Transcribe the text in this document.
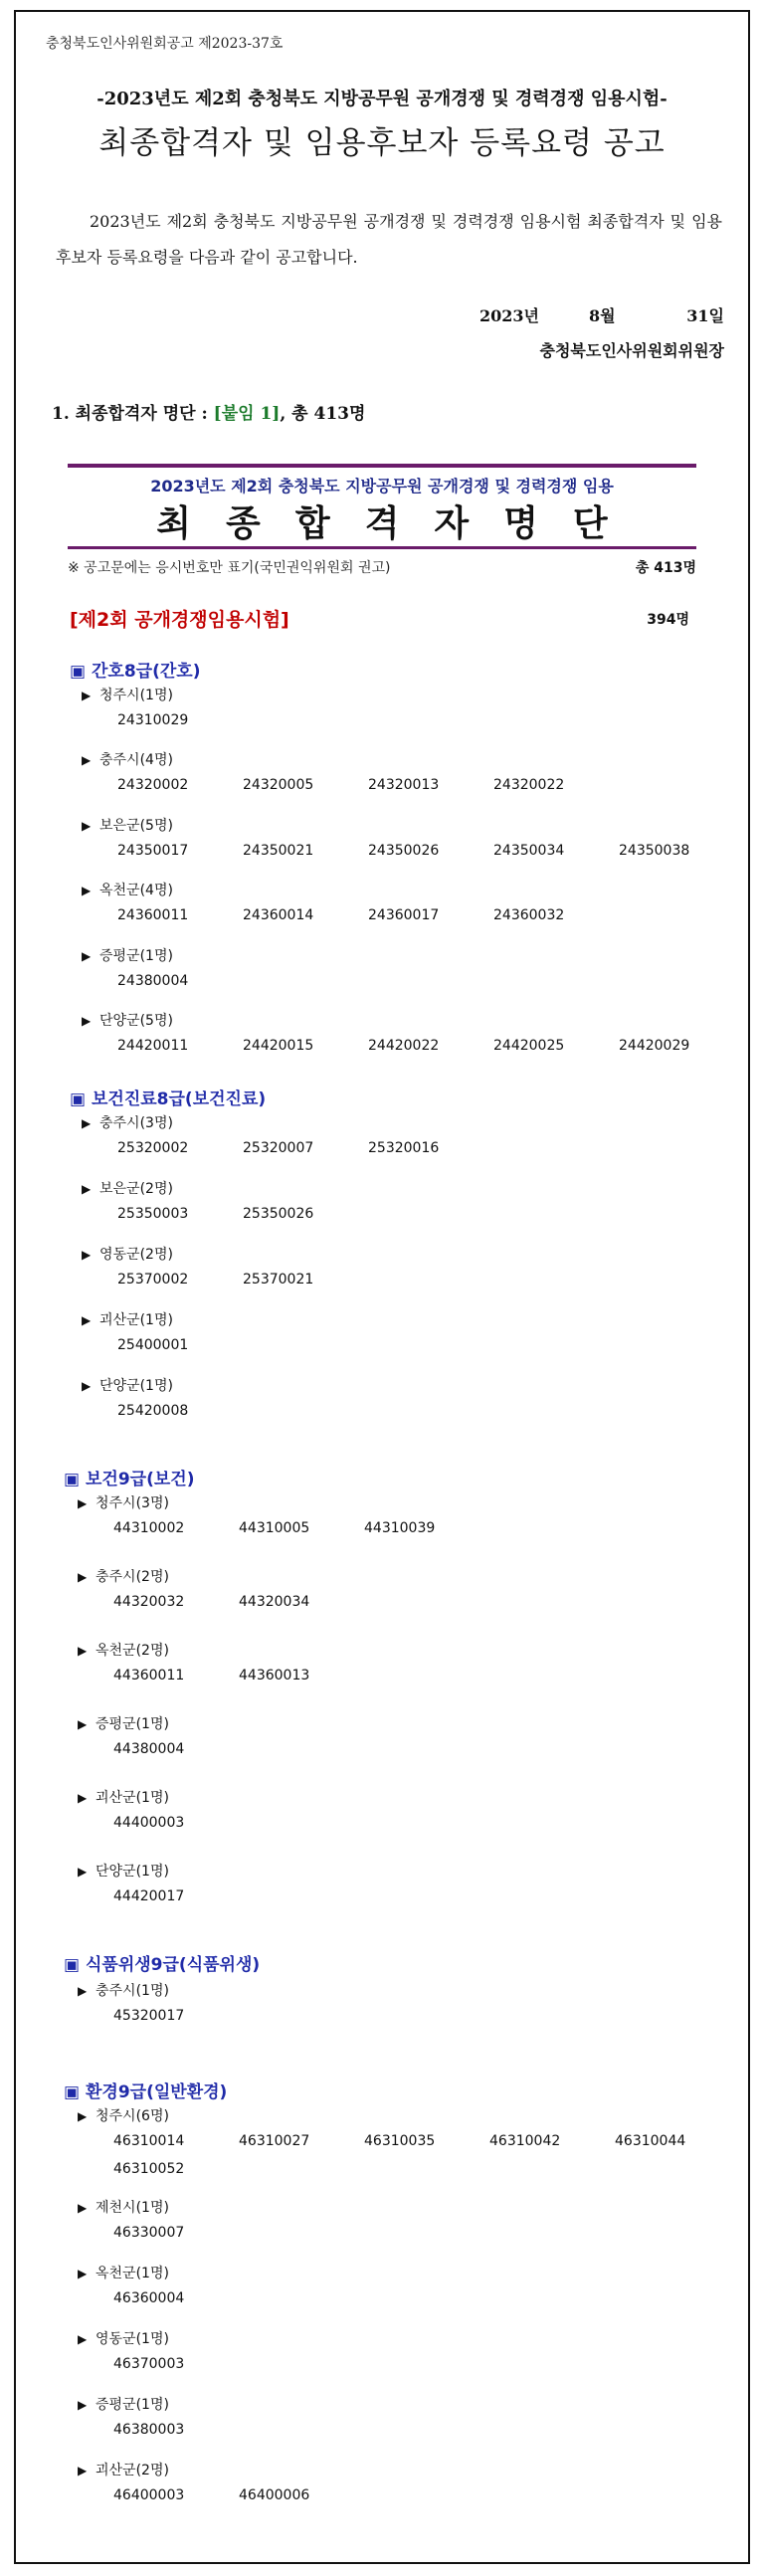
충청북도인사위원회공고 제2023-37호
-2023년도 제2회 충청북도 지방공무원 공개경쟁 및 경력경쟁 임용시험-
최종합격자 및 임용후보자 등록요령 공고
2023년도 제2회 충청북도 지방공무원 공개경쟁 및 경력경쟁 임용시험 최종합격자 및 임용후보자 등록요령을 다음과 같이 공고합니다.
2023년	8월	31일
충청북도인사위원회위원장
1. 최종합격자 명단 : [붙임 1], 총 413명
2023년도 제2회 충청북도 지방공무원 공개경쟁 및 경력경쟁 임용
최종합격자명단
※ 공고문에는 응시번호만 표기(국민권익위원회 권고)	총 413명
[제2회 공개경쟁임용시험]	394명
▣ 간호8급(간호)
▶ 청주시(1명)
24310029
▶ 충주시(4명)
24320002	24320005	24320013	24320022
▶ 보은군(5명)
24350017	24350021	24350026	24350034	24350038
▶ 옥천군(4명)
24360011	24360014	24360017	24360032
▶ 증평군(1명)
24380004
▶ 단양군(5명)
24420011	24420015	24420022	24420025	24420029
▣ 보건진료8급(보건진료)
▶ 충주시(3명)
25320002	25320007	25320016
▶ 보은군(2명)
25350003	25350026
▶ 영동군(2명)
25370002	25370021
▶ 괴산군(1명)
25400001
▶ 단양군(1명)
25420008
▣ 보건9급(보건)
▶ 청주시(3명)
44310002	44310005	44310039
▶ 충주시(2명)
44320032	44320034
▶ 옥천군(2명)
44360011	44360013
▶ 증평군(1명)
44380004
▶ 괴산군(1명)
44400003
▶ 단양군(1명)
44420017
▣ 식품위생9급(식품위생)
▶ 충주시(1명)
45320017
▣ 환경9급(일반환경)
▶ 청주시(6명)
46310014	46310027	46310035	46310042	46310044
46310052
▶ 제천시(1명)
46330007
▶ 옥천군(1명)
46360004
▶ 영동군(1명)
46370003
▶ 증평군(1명)
46380003
▶ 괴산군(2명)
46400003	46400006
